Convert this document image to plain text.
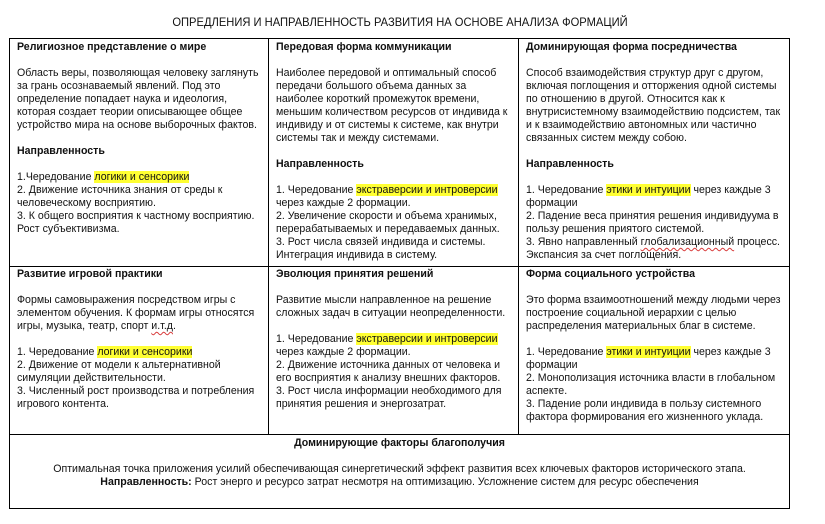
ОПРЕДЛЕНИЯ И НАПРАВЛЕННОСТЬ РАЗВИТИЯ НА ОСНОВЕ АНАЛИЗА ФОРМАЦИЙ

Религиозное представление о мире

Область веры, позволяющая человеку заглянуть за грань осознаваемый явлений. Под это определение попадает наука и идеология, которая создает теории описывающее общее устройство мира на основе выборочных фактов.

Направленность

1.Чередование логики и сенсорики

2. Движение источника знания от среды к человеческому восприятию.

3. К общего восприятия к частному восприятию. Рост субъективизма.

Передовая форма коммуникации

Наиболее передовой и оптимальный способ передачи большого объема данных за наиболее короткий промежуток времени, меньшим количеством ресурсов от индивида к индивиду и от системы к системе, как внутри системы так и между системами.

Направленность

1. Чередование экстраверсии и интроверсии через каждые 2 формации.

2. Увеличение скорости и объема хранимых, перерабатываемых и передаваемых данных.

3. Рост числа связей индивида и системы. Интеграция индивида в систему.

Доминирующая форма посредничества

Способ взаимодействия структур друг с другом, включая поглощения и отторжения одной системы по отношению в другой. Относится как к внутрисистемному взаимодействию подсистем, так и к взаимодействию автономных или частично связанных систем между собою.

Направленность

1. Чередование этики и интуиции через каждые 3 формации

2. Падение веса принятия решения индивидуума в пользу решения приятого системой.

3. Явно направленный глобализационный процесс. Экспансия за счет поглощения.

Развитие игровой практики

Формы самовыражения посредством игры с элементом обучения. К формам игры относятся игры, музыка, театр, спорт и.т.д.

1. Чередование логики и сенсорики

2. Движение от модели к альтернативной симуляции действительности.

3. Численный рост производства и потребления игрового контента.

Эволюция принятия решений

Развитие мысли направленное на решение сложных задач в ситуации неопределенности.

1. Чередование экстраверсии и интроверсии через каждые 2 формации.

2. Движение источника данных от человека и его восприятия к анализу внешних факторов.

3. Рост числа информации необходимого для принятия решения и энергозатрат.

Форма социального устройства

Это форма взаимоотношений между людьми через построение социальной иерархии с целью распределения материальных благ в системе.

1. Чередование этики и интуиции через каждые 3 формации

2. Монополизация источника власти в глобальном аспекте.

3. Падение роли индивида в пользу системного фактора формирования его жизненного уклада.

Доминирующие факторы благополучия
Оптимальная точка приложения усилий обеспечивающая синергетический эффект развития всех ключевых факторов исторического этапа.
Направленность: Рост энерго и ресурсо затрат несмотря на оптимизацию. Усложнение систем для ресурс обеспечения
